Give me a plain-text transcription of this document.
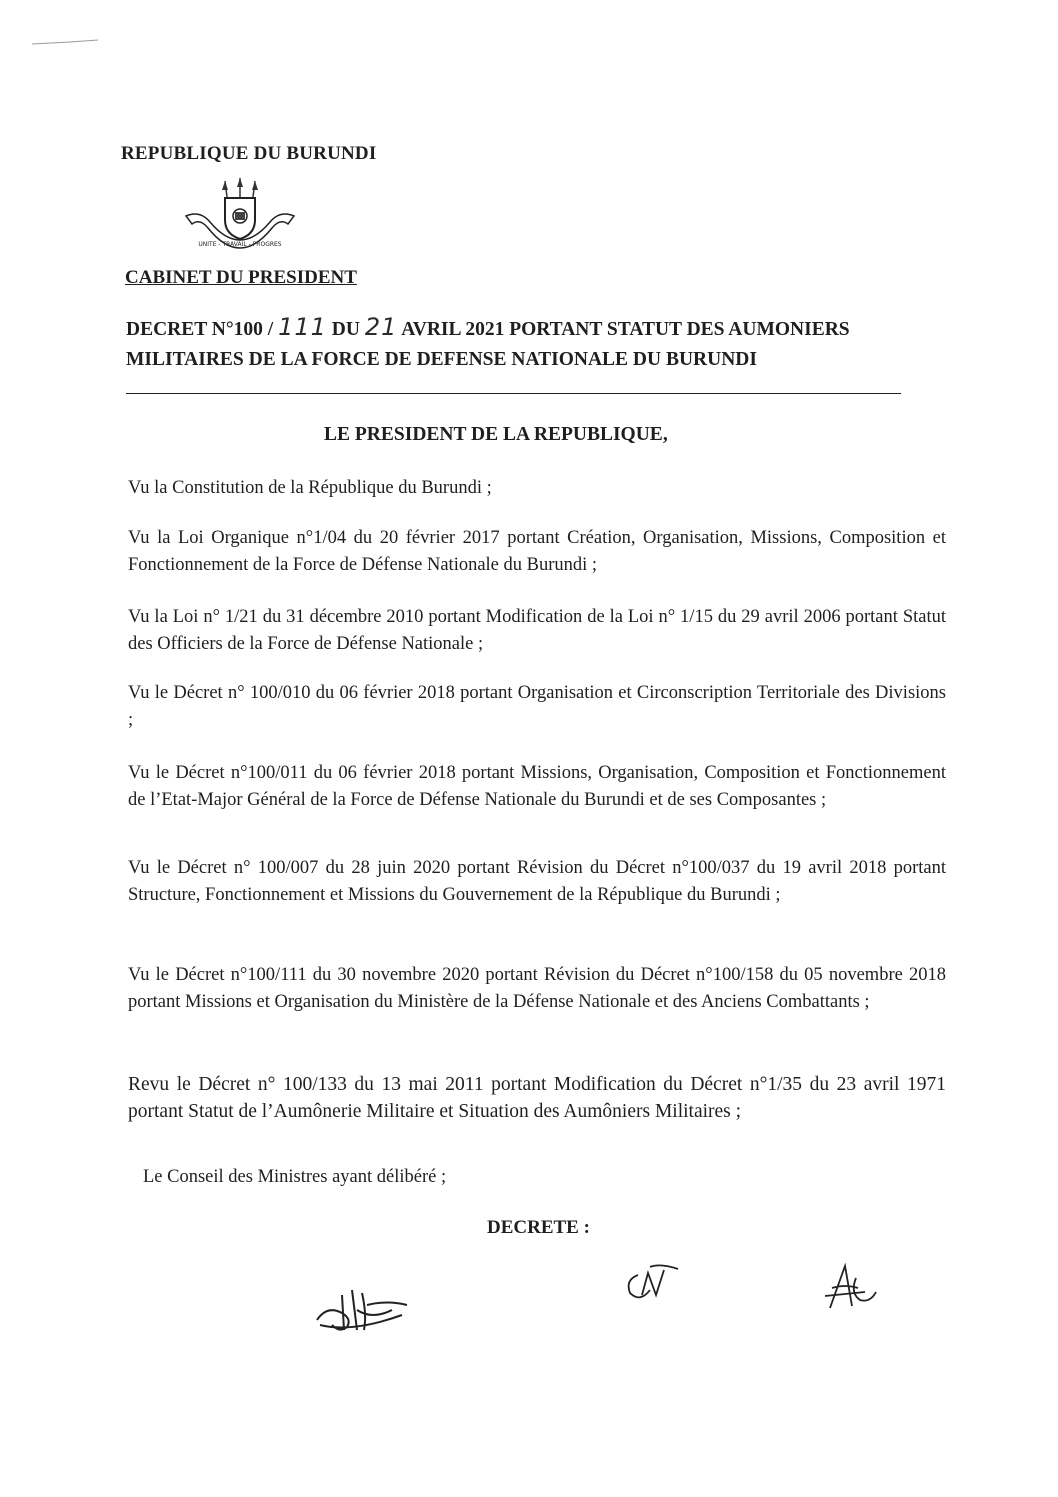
REPUBLIQUE DU BURUNDI

UNITE - TRAVAIL - PROGRES

CABINET DU PRESIDENT

DECRET N°100 / 111 DU 21 AVRIL 2021 PORTANT STATUT DES AUMONIERS MILITAIRES DE LA FORCE DE DEFENSE NATIONALE DU BURUNDI

LE PRESIDENT DE LA REPUBLIQUE,

Vu la Constitution de la République du Burundi ;

Vu la Loi Organique n°1/04 du 20 février 2017 portant Création, Organisation, Missions, Composition et Fonctionnement de la Force de Défense Nationale du Burundi ;

Vu la Loi n° 1/21 du 31 décembre 2010 portant Modification de la Loi n° 1/15 du 29 avril 2006 portant Statut des Officiers de la Force de Défense Nationale ;

Vu le Décret n° 100/010 du 06 février 2018 portant Organisation et Circonscription Territoriale des Divisions ;

Vu le Décret n°100/011 du 06 février 2018 portant Missions, Organisation, Composition et Fonctionnement de l’Etat-Major Général de la Force de Défense Nationale du Burundi et de ses Composantes ;

Vu le Décret n° 100/007 du 28 juin 2020 portant Révision du Décret n°100/037 du 19 avril 2018 portant Structure, Fonctionnement et Missions du Gouvernement de la République du Burundi ;

Vu le Décret n°100/111 du 30 novembre 2020 portant Révision du Décret n°100/158 du 05 novembre 2018 portant Missions et Organisation du Ministère de la Défense Nationale et des Anciens Combattants ;

Revu le Décret n° 100/133 du 13 mai 2011 portant Modification du Décret n°1/35 du 23 avril 1971 portant Statut de l’Aumônerie Militaire et Situation des Aumôniers Militaires ;

Le Conseil des Ministres ayant délibéré ;

DECRETE :
